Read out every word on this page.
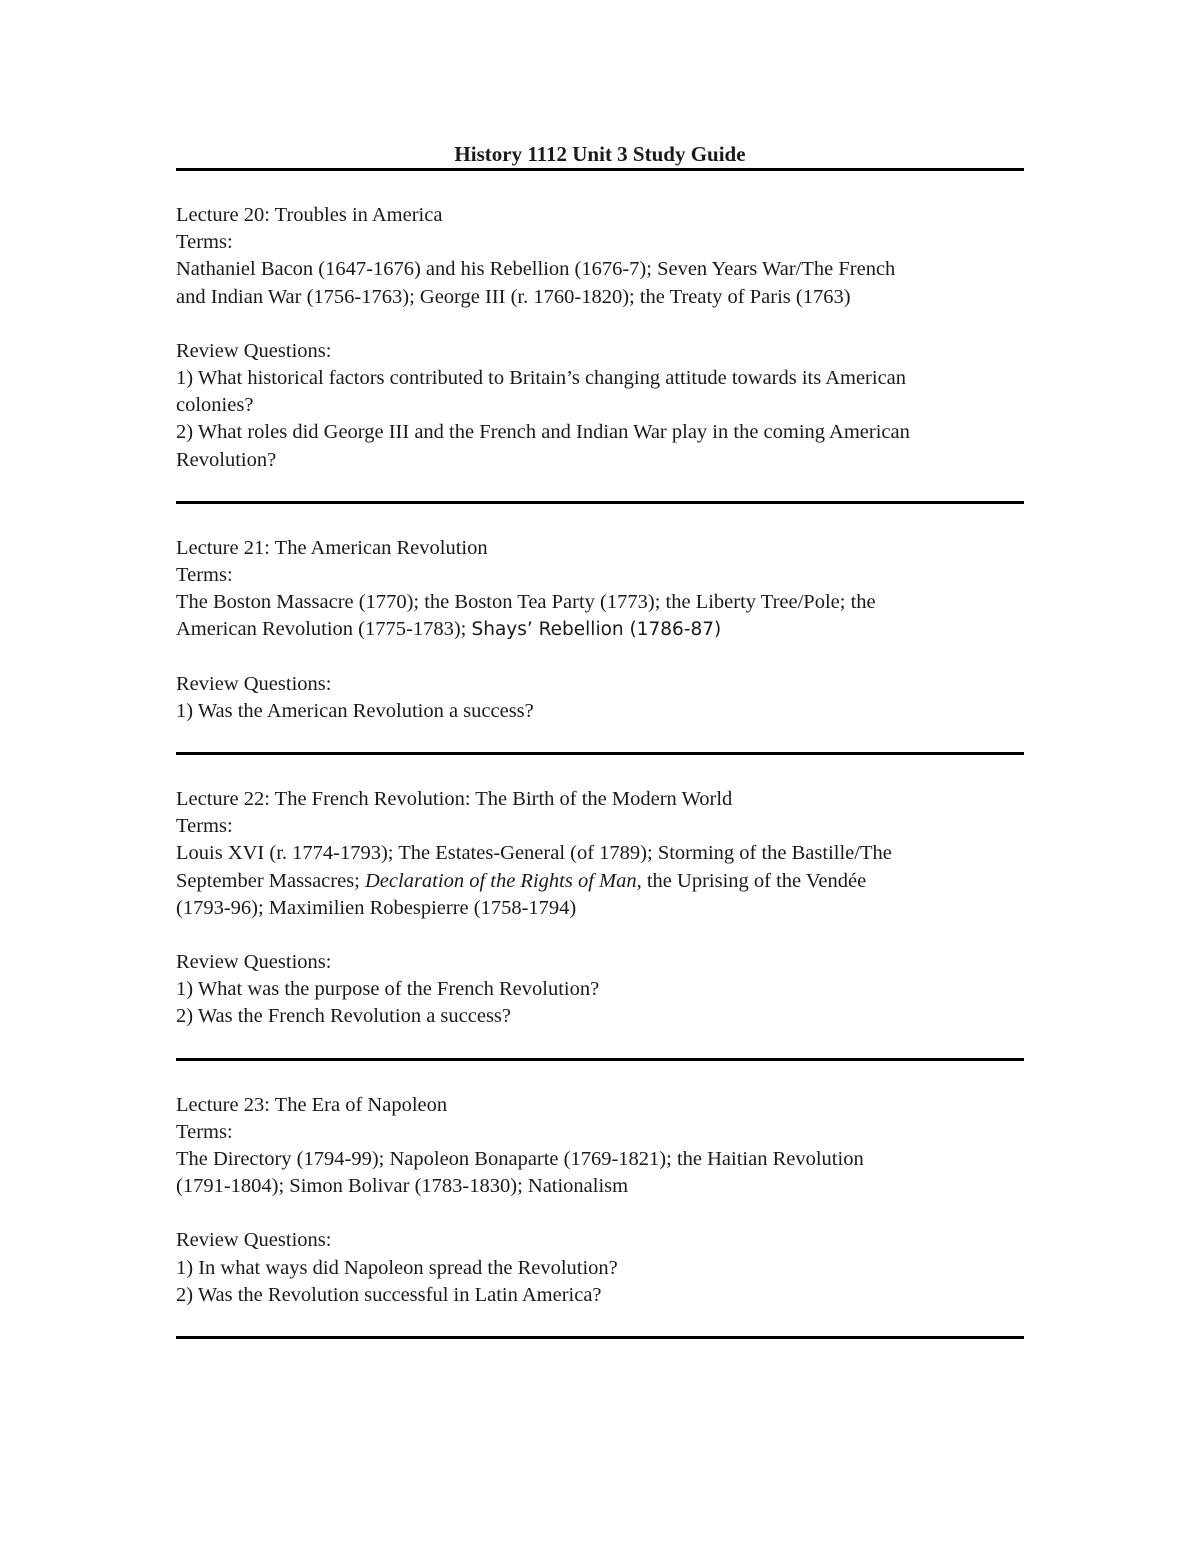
History 1112 Unit 3 Study Guide

Lecture 20: Troubles in America

Terms:

Nathaniel Bacon (1647-1676) and his Rebellion (1676-7); Seven Years War/The French

and Indian War (1756-1763); George III (r. 1760-1820); the Treaty of Paris (1763)

Review Questions:

1) What historical factors contributed to Britain’s changing attitude towards its American

colonies?

2) What roles did George III and the French and Indian War play in the coming American

Revolution?

Lecture 21: The American Revolution

Terms:

The Boston Massacre (1770); the Boston Tea Party (1773); the Liberty Tree/Pole; the

American Revolution (1775-1783); Shays’ Rebellion (1786-87)

Review Questions:

1) Was the American Revolution a success?

Lecture 22: The French Revolution: The Birth of the Modern World

Terms:

Louis XVI (r. 1774-1793); The Estates-General (of 1789); Storming of the Bastille/The

September Massacres; Declaration of the Rights of Man, the Uprising of the Vendée

(1793-96); Maximilien Robespierre (1758-1794)

Review Questions:

1) What was the purpose of the French Revolution?

2) Was the French Revolution a success?

Lecture 23: The Era of Napoleon

Terms:

The Directory (1794-99); Napoleon Bonaparte (1769-1821); the Haitian Revolution

(1791-1804); Simon Bolivar (1783-1830); Nationalism

Review Questions:

1) In what ways did Napoleon spread the Revolution?

2) Was the Revolution successful in Latin America?
